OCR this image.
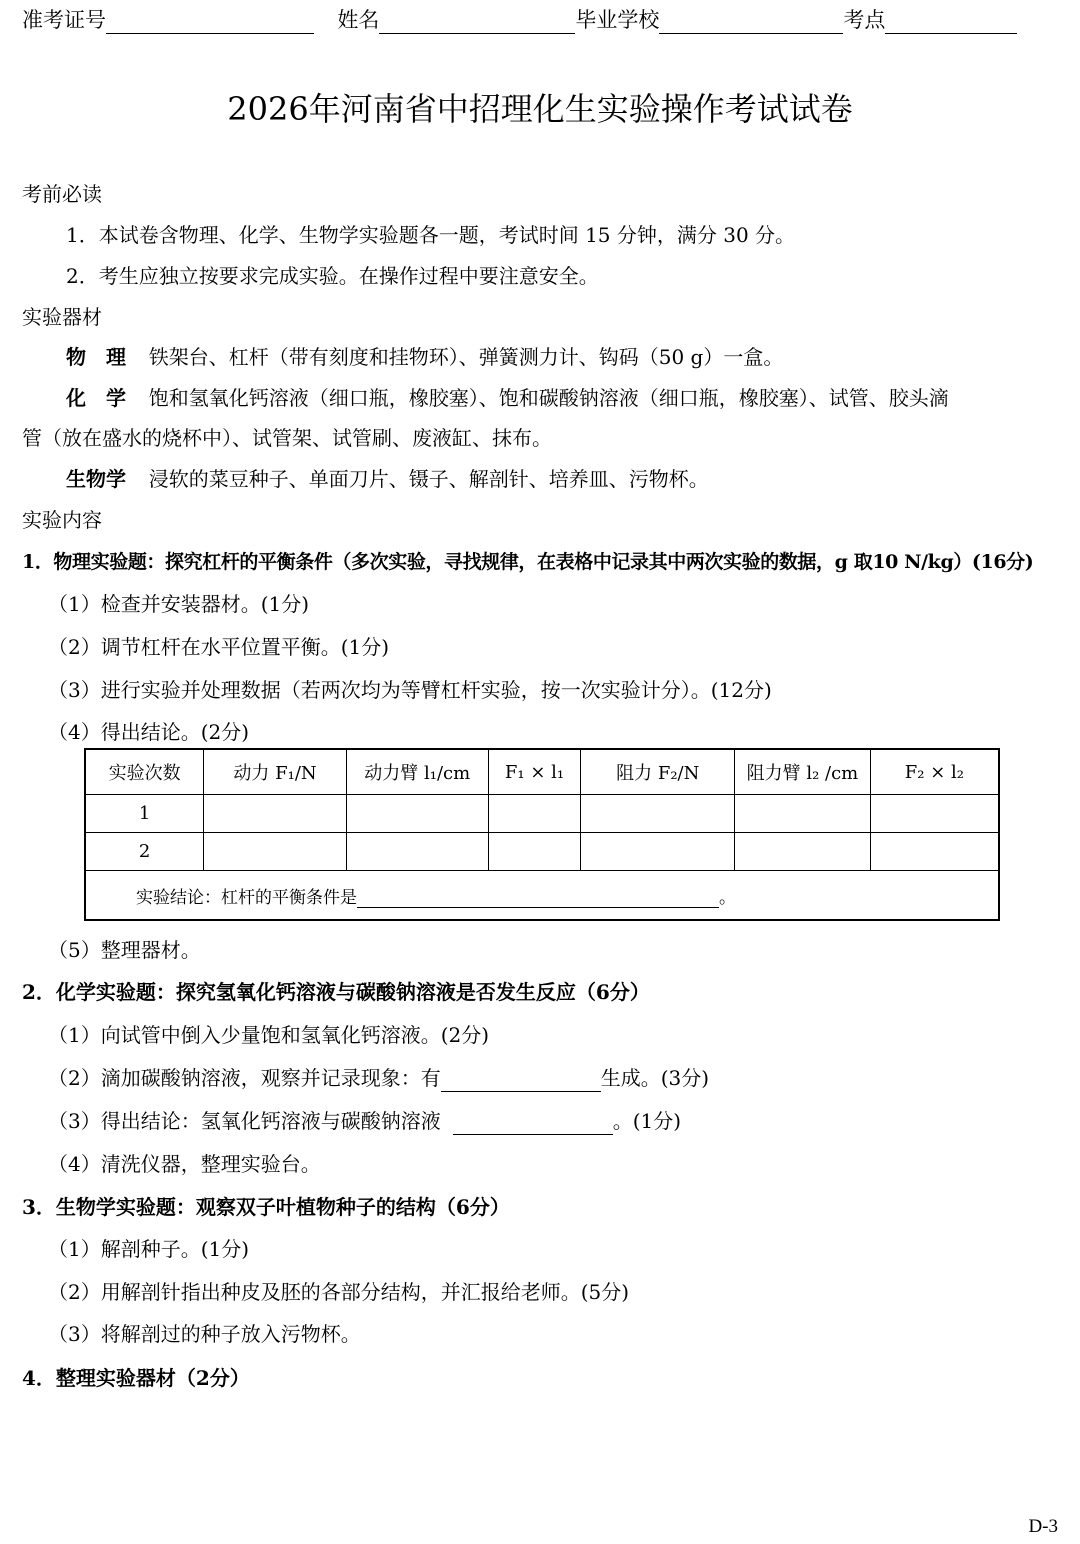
准考证号	姓名	毕业学校	考点
2026年河南省中招理化生实验操作考试试卷
考前必读
1．本试卷含物理、化学、生物学实验题各一题，考试时间 15 分钟，满分 30 分。
2．考生应独立按要求完成实验。在操作过程中要注意安全。
实验器材
物　理 铁架台、杠杆（带有刻度和挂物环）、弹簧测力计、钩码（50 g）一盒。
化　学 饱和氢氧化钙溶液（细口瓶，橡胶塞）、饱和碳酸钠溶液（细口瓶，橡胶塞）、试管、胶头滴
管（放在盛水的烧杯中）、试管架、试管刷、废液缸、抹布。
生物学 浸软的菜豆种子、单面刀片、镊子、解剖针、培养皿、污物杯。
实验内容
1．物理实验题：探究杠杆的平衡条件（多次实验，寻找规律，在表格中记录其中两次实验的数据，g 取10 N/kg）(16分)
（1）检查并安装器材。(1分)
（2）调节杠杆在水平位置平衡。(1分)
（3）进行实验并处理数据（若两次均为等臂杠杆实验，按一次实验计分）。(12分)
（4）得出结论。(2分)
实验次数	动力 F₁/N	动力臂 l₁/cm	F₁ × l₁	阻力 F₂/N	阻力臂 l₂ /cm	F₂ × l₂
1						
2						
实验结论：杠杆的平衡条件是 。						
（5）整理器材。
2．化学实验题：探究氢氧化钙溶液与碳酸钠溶液是否发生反应（6分）
（1）向试管中倒入少量饱和氢氧化钙溶液。(2分)
（2）滴加碳酸钠溶液，观察并记录现象：有	生成。(3分)
（3）得出结论：氢氧化钙溶液与碳酸钠溶液	。(1分)
（4）清洗仪器，整理实验台。
3．生物学实验题：观察双子叶植物种子的结构（6分）
（1）解剖种子。(1分)
（2）用解剖针指出种皮及胚的各部分结构，并汇报给老师。(5分)
（3）将解剖过的种子放入污物杯。
4．整理实验器材（2分）
D-3
